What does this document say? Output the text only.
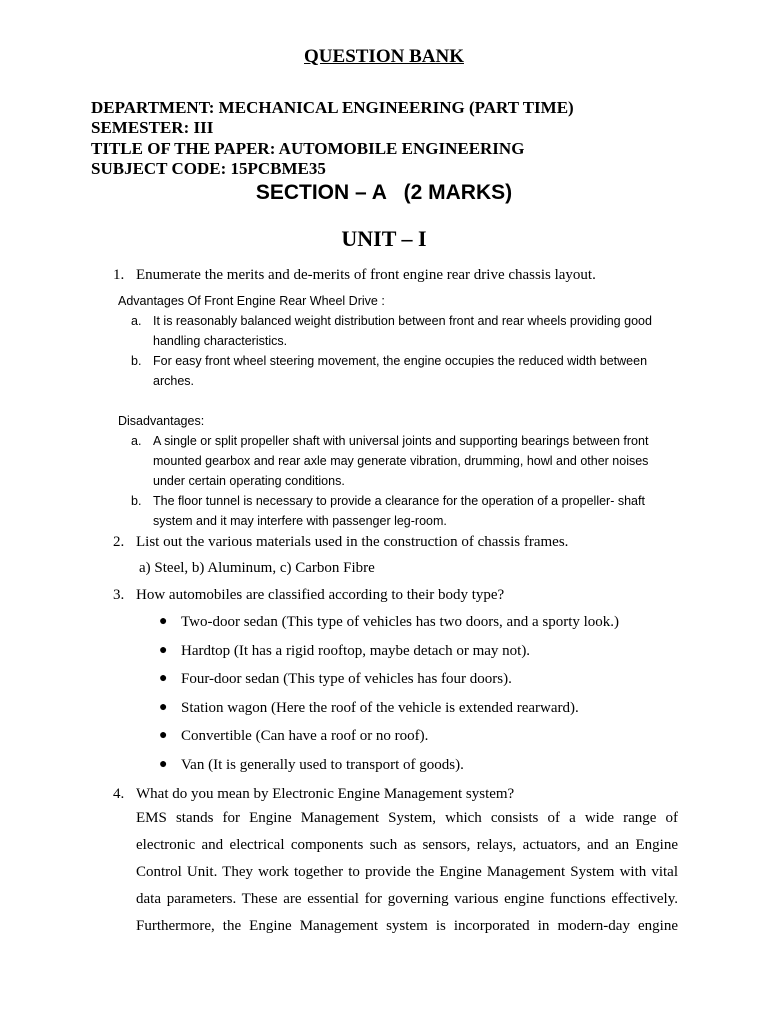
QUESTION BANK
DEPARTMENT: MECHANICAL ENGINEERING (PART TIME)
SEMESTER: III
TITLE OF THE PAPER: AUTOMOBILE ENGINEERING
SUBJECT CODE: 15PCBME35
SECTION – A   (2 MARKS)
UNIT – I
1. Enumerate the merits and de-merits of front engine rear drive chassis layout.
Advantages Of Front Engine Rear Wheel Drive :
a. It is reasonably balanced weight distribution between front and rear wheels providing good
handling characteristics.
b. For easy front wheel steering movement, the engine occupies the reduced width between
arches.
Disadvantages:
a. A single or split propeller shaft with universal joints and supporting bearings between front
mounted gearbox and rear axle may generate vibration, drumming, howl and other noises
under certain operating conditions.
b. The floor tunnel is necessary to provide a clearance for the operation of a propeller- shaft
system and it may interfere with passenger leg-room.
2. List out the various materials used in the construction of chassis frames.
a) Steel, b) Aluminum, c) Carbon Fibre
3. How automobiles are classified according to their body type?
● Two-door sedan (This type of vehicles has two doors, and a sporty look.)
● Hardtop (It has a rigid rooftop, maybe detach or may not).
● Four-door sedan (This type of vehicles has four doors).
● Station wagon (Here the roof of the vehicle is extended rearward).
● Convertible (Can have a roof or no roof).
● Van (It is generally used to transport of goods).
4. What do you mean by Electronic Engine Management system?
EMS stands for Engine Management System, which consists of a wide range of
electronic and electrical components such as sensors, relays, actuators, and an Engine
Control Unit. They work together to provide the Engine Management System with vital
data parameters. These are essential for governing various engine functions effectively.
Furthermore, the Engine Management system is incorporated in modern-day engine
